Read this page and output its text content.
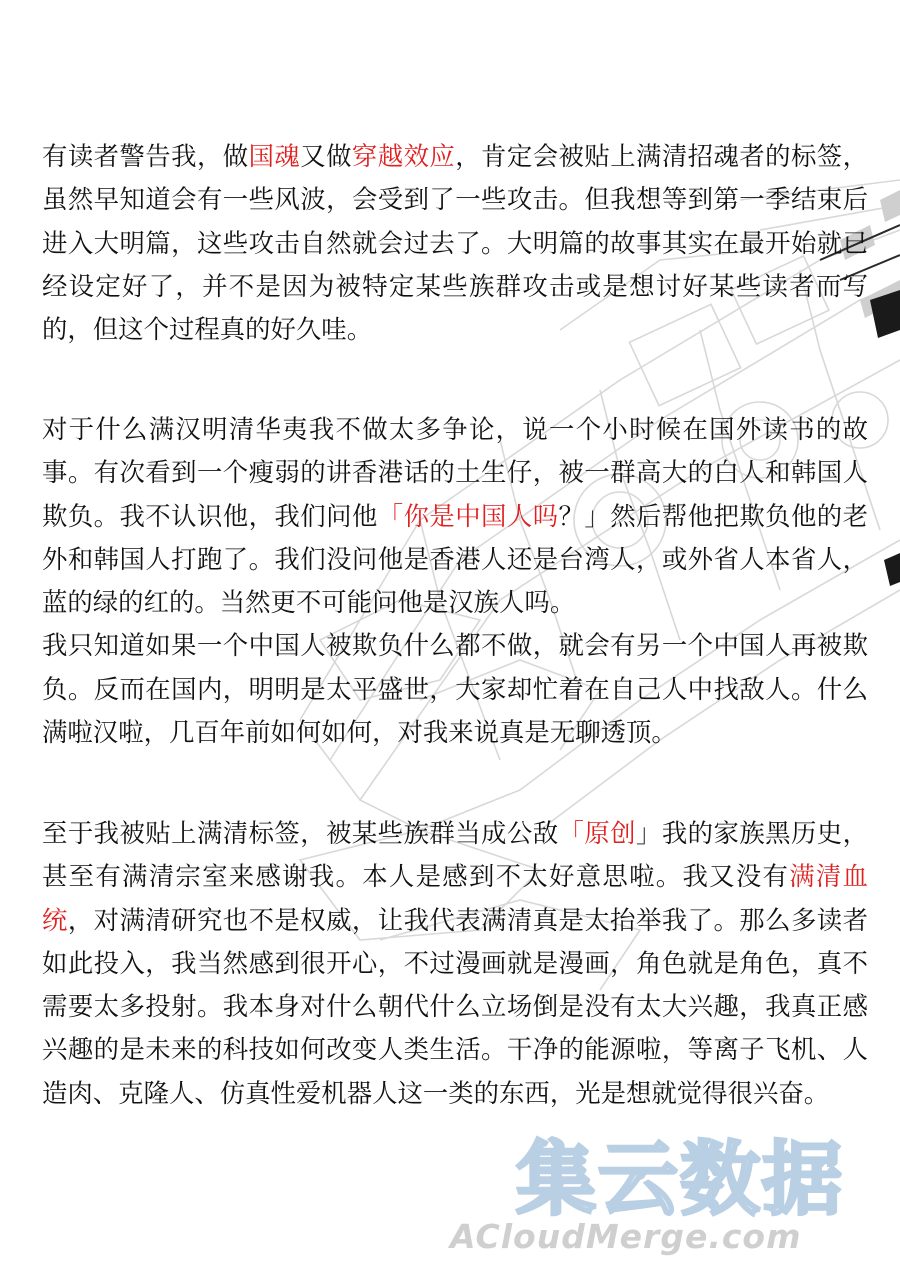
有读者警告我，做国魂又做穿越效应，肯定会被贴上满清招魂者的标签，虽然早知道会有一些风波，会受到了一些攻击。但我想等到第一季结束后进入大明篇，这些攻击自然就会过去了。大明篇的故事其实在最开始就已经设定好了，并不是因为被特定某些族群攻击或是想讨好某些读者而写的，但这个过程真的好久哇。
对于什么满汉明清华夷我不做太多争论，说一个小时候在国外读书的故事。有次看到一个瘦弱的讲香港话的土生仔，被一群高大的白人和韩国人欺负。我不认识他，我们问他「你是中国人吗？」然后帮他把欺负他的老外和韩国人打跑了。我们没问他是香港人还是台湾人，或外省人本省人，蓝的绿的红的。当然更不可能问他是汉族人吗。
我只知道如果一个中国人被欺负什么都不做，就会有另一个中国人再被欺负。反而在国内，明明是太平盛世，大家却忙着在自己人中找敌人。什么满啦汉啦，几百年前如何如何，对我来说真是无聊透顶。
至于我被贴上满清标签，被某些族群当成公敌「原创」我的家族黑历史，甚至有满清宗室来感谢我。本人是感到不太好意思啦。我又没有满清血统，对满清研究也不是权威，让我代表满清真是太抬举我了。那么多读者如此投入，我当然感到很开心，不过漫画就是漫画，角色就是角色，真不需要太多投射。我本身对什么朝代什么立场倒是没有太大兴趣，我真正感兴趣的是未来的科技如何改变人类生活。干净的能源啦，等离子飞机、人造肉、克隆人、仿真性爱机器人这一类的东西，光是想就觉得很兴奋。
集云数据
ACloudMerge.com
